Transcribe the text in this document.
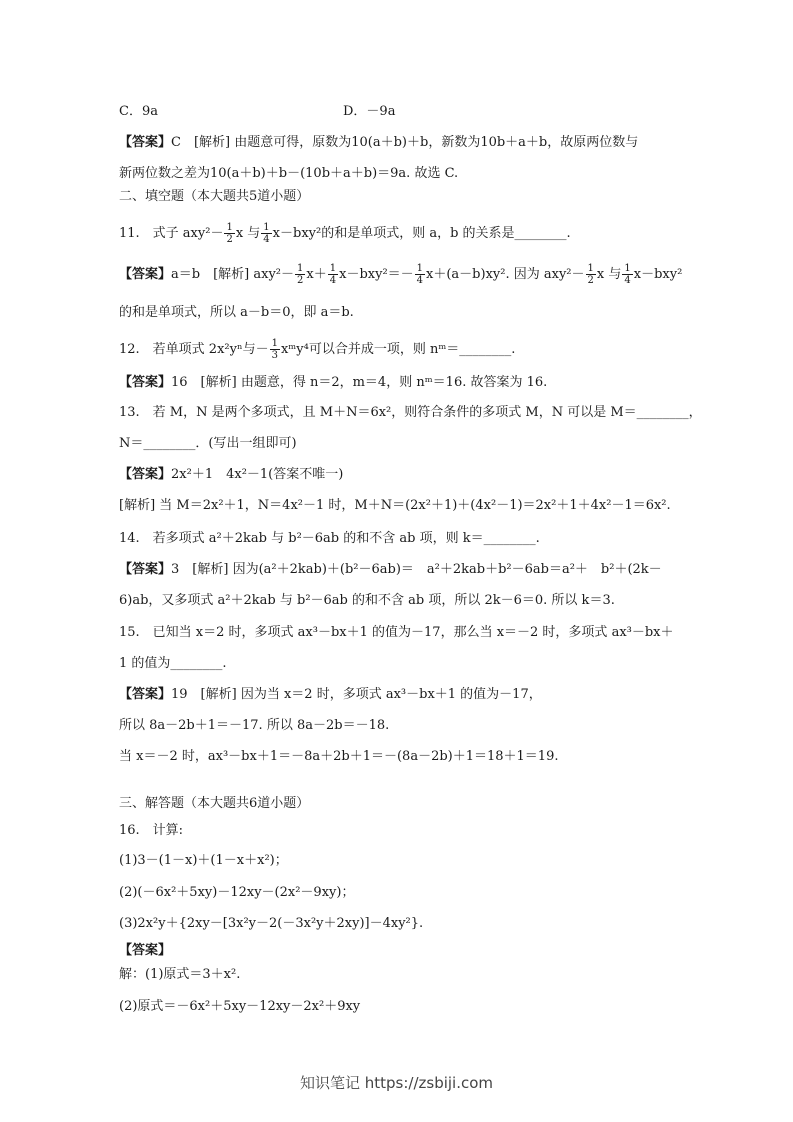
C．9a	D．－9a
【答案】C　[解析] 由题意可得，原数为10(a＋b)＋b，新数为10b＋a＋b，故原两位数与
新两位数之差为10(a＋b)＋b－(10b＋a＋b)＝9a. 故选 C.
二、填空题（本大题共5道小题）
11.　式子 $axy^2- \frac{1}{2}$ x 与 $\frac{1}{4} x-bxy^2$的和是单项式，则 a，b 的关系是________.
【答案】a＝b　[解析] $axy^2- \frac{1}{2} x+ \frac{1}{4} x-bxy^2=- \frac{1}{4} x+(a-b)xy^2$. 因为 $axy^2- \frac{1}{2}$ x 与 $\frac{1}{4} x-bxy^2$
的和是单项式，所以 a－b＝0，即 a＝b.
12.　若单项式 2x²yⁿ与－ $\frac{1}{3}$ xᵐy⁴可以合并成一项，则 nᵐ＝________.
【答案】16　[解析] 由题意，得 n＝2，m＝4，则 nᵐ＝16. 故答案为 16.
13.　若 M，N 是两个多项式，且 M＋N＝6x²，则符合条件的多项式 M，N 可以是 M＝________，
N＝________．(写出一组即可)
【答案】2x²＋1　4x²－1(答案不唯一)
[解析] 当 M＝2x²＋1，N＝4x²－1 时，M＋N＝(2x²＋1)＋(4x²－1)＝2x²＋1＋4x²－1＝6x².
14.　若多项式 a²＋2kab 与 b²－6ab 的和不含 ab 项，则 k＝________.
【答案】3　[解析] 因为(a²＋2kab)＋(b²－6ab)＝　a²＋2kab＋b²－6ab＝a²＋　b²＋(2k－
6)ab，又多项式 a²＋2kab 与 b²－6ab 的和不含 ab 项，所以 2k－6＝0. 所以 k＝3.
15.　已知当 x＝2 时，多项式 ax³－bx＋1 的值为－17，那么当 x＝－2 时，多项式 ax³－bx＋
1 的值为________.
【答案】19　[解析] 因为当 x＝2 时，多项式 ax³－bx＋1 的值为－17，
所以 8a－2b＋1＝－17. 所以 8a－2b＝－18.
当 x＝－2 时，ax³－bx＋1＝－8a＋2b＋1＝－(8a－2b)＋1＝18＋1＝19.
三、解答题（本大题共6道小题）
16.　计算:
(1)3－(1－x)＋(1－x＋x²)；
(2)(－6x²＋5xy)－12xy－(2x²－9xy)；
(3)2x²y＋{2xy－[3x²y－2(－3x²y＋2xy)]－4xy²}.
【答案】
解：(1)原式＝3＋x².
(2)原式＝－6x²＋5xy－12xy－2x²＋9xy
知识笔记 https://zsbiji.com
